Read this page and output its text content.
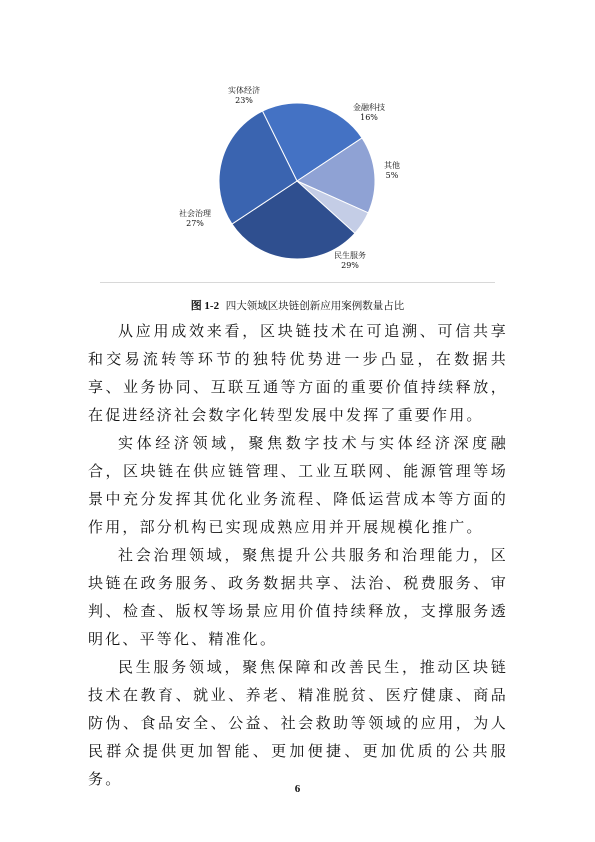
实体经济
23%
金融科技
16%
其他
5%
民生服务
29%
社会治理
27%
图 1-2 四大领域区块链创新应用案例数量占比

从应用成效来看，区块链技术在可追溯、可信共享和交易流转等环节的独特优势进一步凸显，在数据共享、业务协同、互联互通等方面的重要价值持续释放，在促进经济社会数字化转型发展中发挥了重要作用。

实体经济领域，聚焦数字技术与实体经济深度融合，区块链在供应链管理、工业互联网、能源管理等场景中充分发挥其优化业务流程、降低运营成本等方面的作用，部分机构已实现成熟应用并开展规模化推广。

社会治理领域，聚焦提升公共服务和治理能力，区块链在政务服务、政务数据共享、法治、税费服务、审判、检查、版权等场景应用价值持续释放，支撑服务透明化、平等化、精准化。

民生服务领域，聚焦保障和改善民生，推动区块链技术在教育、就业、养老、精准脱贫、医疗健康、商品防伪、食品安全、公益、社会救助等领域的应用，为人民群众提供更加智能、更加便捷、更加优质的公共服务。

6
